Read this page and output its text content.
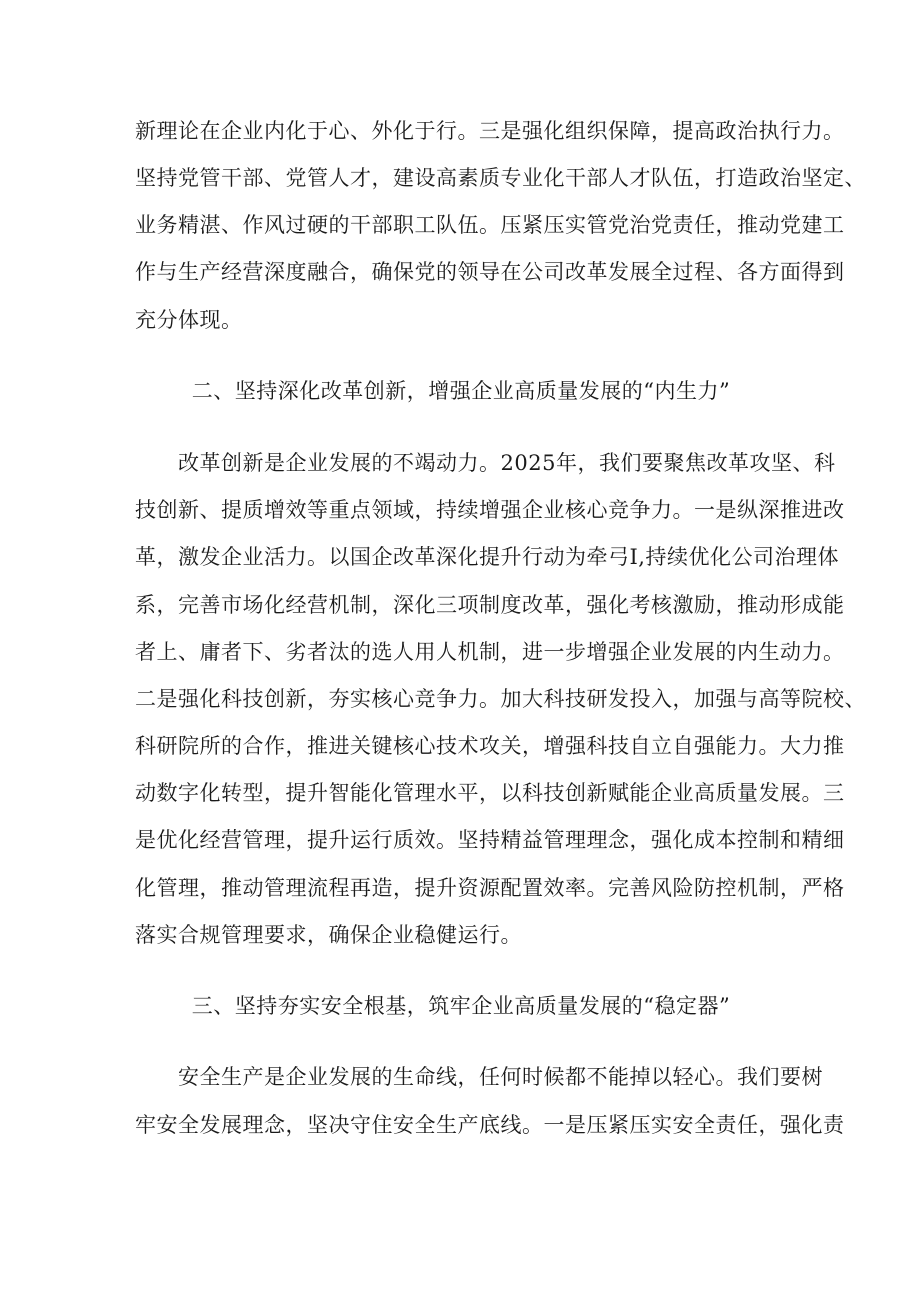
新理论在企业内化于心、外化于行。三是强化组织保障，提高政治执行力。
坚持党管干部、党管人才，建设高素质专业化干部人才队伍，打造政治坚定、
业务精湛、作风过硬的干部职工队伍。压紧压实管党治党责任，推动党建工
作与生产经营深度融合，确保党的领导在公司改革发展全过程、各方面得到
充分体现。
二、坚持深化改革创新，增强企业高质量发展的“内生力”
改革创新是企业发展的不竭动力。2025年，我们要聚焦改革攻坚、科
技创新、提质增效等重点领域，持续增强企业核心竞争力。一是纵深推进改
革，激发企业活力。以国企改革深化提升行动为牵弓I,持续优化公司治理体
系，完善市场化经营机制，深化三项制度改革，强化考核激励，推动形成能
者上、庸者下、劣者汰的选人用人机制，进一步增强企业发展的内生动力。
二是强化科技创新，夯实核心竞争力。加大科技研发投入，加强与高等院校、
科研院所的合作，推进关键核心技术攻关，增强科技自立自强能力。大力推
动数字化转型，提升智能化管理水平，以科技创新赋能企业高质量发展。三
是优化经营管理，提升运行质效。坚持精益管理理念，强化成本控制和精细
化管理，推动管理流程再造，提升资源配置效率。完善风险防控机制，严格
落实合规管理要求，确保企业稳健运行。
三、坚持夯实安全根基，筑牢企业高质量发展的“稳定器”
安全生产是企业发展的生命线，任何时候都不能掉以轻心。我们要树
牢安全发展理念，坚决守住安全生产底线。一是压紧压实安全责任，强化责
